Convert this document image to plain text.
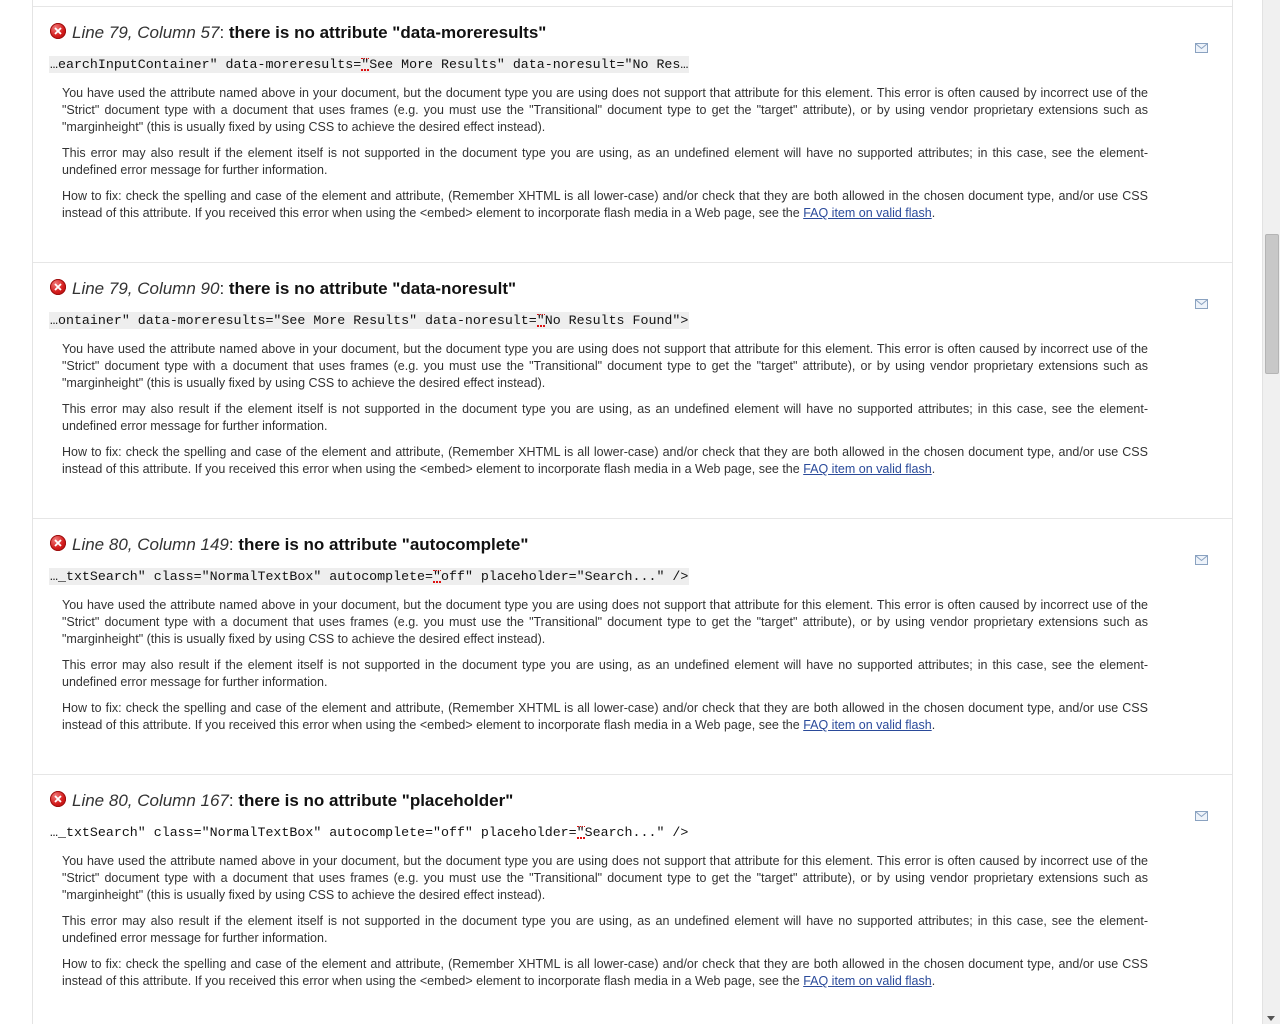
Line 79, Column 57: there is no attribute "data-moreresults"
…earchInputContainer" data-moreresults="See More Results" data-noresult="No Res…

You have used the attribute named above in your document, but the document type you are using does not support that attribute for this element. This error is often caused by incorrect use of the "Strict" document type with a document that uses frames (e.g. you must use the "Transitional" document type to get the "target" attribute), or by using vendor proprietary extensions such as "marginheight" (this is usually fixed by using CSS to achieve the desired effect instead).

This error may also result if the element itself is not supported in the document type you are using, as an undefined element will have no supported attributes; in this case, see the element-undefined error message for further information.

How to fix: check the spelling and case of the element and attribute, (Remember XHTML is all lower-case) and/or check that they are both allowed in the chosen document type, and/or use CSS instead of this attribute. If you received this error when using the <embed> element to incorporate flash media in a Web page, see the FAQ item on valid flash.

Line 79, Column 90: there is no attribute "data-noresult"
…ontainer" data-moreresults="See More Results" data-noresult="No Results Found">

You have used the attribute named above in your document, but the document type you are using does not support that attribute for this element. This error is often caused by incorrect use of the "Strict" document type with a document that uses frames (e.g. you must use the "Transitional" document type to get the "target" attribute), or by using vendor proprietary extensions such as "marginheight" (this is usually fixed by using CSS to achieve the desired effect instead).

This error may also result if the element itself is not supported in the document type you are using, as an undefined element will have no supported attributes; in this case, see the element-undefined error message for further information.

How to fix: check the spelling and case of the element and attribute, (Remember XHTML is all lower-case) and/or check that they are both allowed in the chosen document type, and/or use CSS instead of this attribute. If you received this error when using the <embed> element to incorporate flash media in a Web page, see the FAQ item on valid flash.

Line 80, Column 149: there is no attribute "autocomplete"
…_txtSearch" class="NormalTextBox" autocomplete="off" placeholder="Search..." />

You have used the attribute named above in your document, but the document type you are using does not support that attribute for this element. This error is often caused by incorrect use of the "Strict" document type with a document that uses frames (e.g. you must use the "Transitional" document type to get the "target" attribute), or by using vendor proprietary extensions such as "marginheight" (this is usually fixed by using CSS to achieve the desired effect instead).

This error may also result if the element itself is not supported in the document type you are using, as an undefined element will have no supported attributes; in this case, see the element-undefined error message for further information.

How to fix: check the spelling and case of the element and attribute, (Remember XHTML is all lower-case) and/or check that they are both allowed in the chosen document type, and/or use CSS instead of this attribute. If you received this error when using the <embed> element to incorporate flash media in a Web page, see the FAQ item on valid flash.

Line 80, Column 167: there is no attribute "placeholder"
…_txtSearch" class="NormalTextBox" autocomplete="off" placeholder="Search..." />

You have used the attribute named above in your document, but the document type you are using does not support that attribute for this element. This error is often caused by incorrect use of the "Strict" document type with a document that uses frames (e.g. you must use the "Transitional" document type to get the "target" attribute), or by using vendor proprietary extensions such as "marginheight" (this is usually fixed by using CSS to achieve the desired effect instead).

This error may also result if the element itself is not supported in the document type you are using, as an undefined element will have no supported attributes; in this case, see the element-undefined error message for further information.

How to fix: check the spelling and case of the element and attribute, (Remember XHTML is all lower-case) and/or check that they are both allowed in the chosen document type, and/or use CSS instead of this attribute. If you received this error when using the <embed> element to incorporate flash media in a Web page, see the FAQ item on valid flash.
